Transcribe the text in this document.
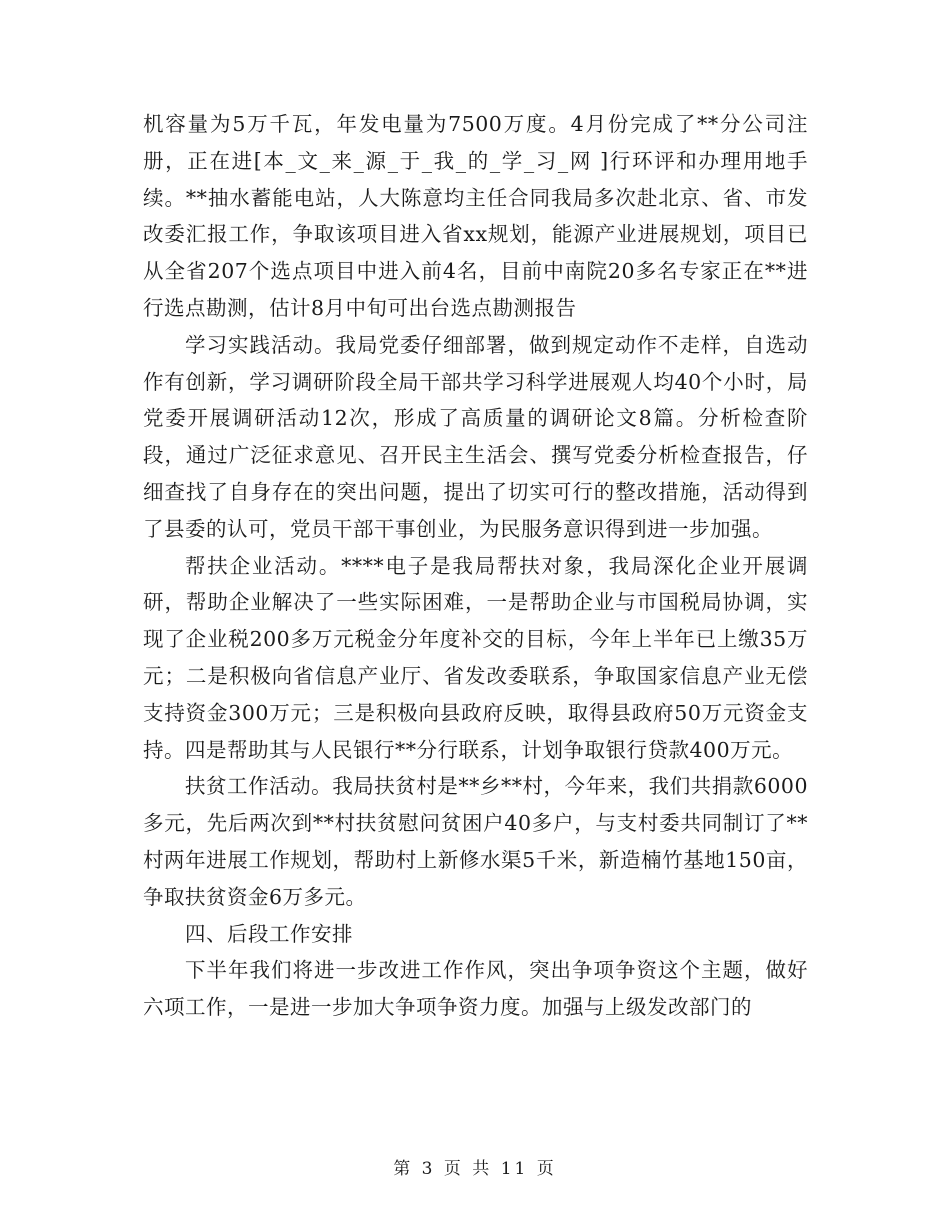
机容量为5万千瓦，年发电量为7500万度。4月份完成了**分公司注册，正在进[本_文_来_源_于_我_的_学_习_网 ]行环评和办理用地手续。**抽水蓄能电站，人大陈意均主任合同我局多次赴北京、省、市发改委汇报工作，争取该项目进入省xx规划，能源产业进展规划，项目已从全省207个选点项目中进入前4名，目前中南院20多名专家正在**进行选点勘测，估计8月中旬可出台选点勘测报告

学习实践活动。我局党委仔细部署，做到规定动作不走样，自选动作有创新，学习调研阶段全局干部共学习科学进展观人均40个小时，局党委开展调研活动12次，形成了高质量的调研论文8篇。分析检查阶段，通过广泛征求意见、召开民主生活会、撰写党委分析检查报告，仔细查找了自身存在的突出问题，提出了切实可行的整改措施，活动得到了县委的认可，党员干部干事创业，为民服务意识得到进一步加强。

帮扶企业活动。****电子是我局帮扶对象，我局深化企业开展调研，帮助企业解决了一些实际困难，一是帮助企业与市国税局协调，实现了企业税200多万元税金分年度补交的目标，今年上半年已上缴35万元；二是积极向省信息产业厅、省发改委联系，争取国家信息产业无偿支持资金300万元；三是积极向县政府反映，取得县政府50万元资金支持。四是帮助其与人民银行**分行联系，计划争取银行贷款400万元。

扶贫工作活动。我局扶贫村是**乡**村，今年来，我们共捐款6000多元，先后两次到**村扶贫慰问贫困户40多户，与支村委共同制订了**村两年进展工作规划，帮助村上新修水渠5千米，新造楠竹基地150亩，争取扶贫资金6万多元。

四、后段工作安排

下半年我们将进一步改进工作作风，突出争项争资这个主题，做好六项工作，一是进一步加大争项争资力度。加强与上级发改部门的

第 3 页 共 11 页
